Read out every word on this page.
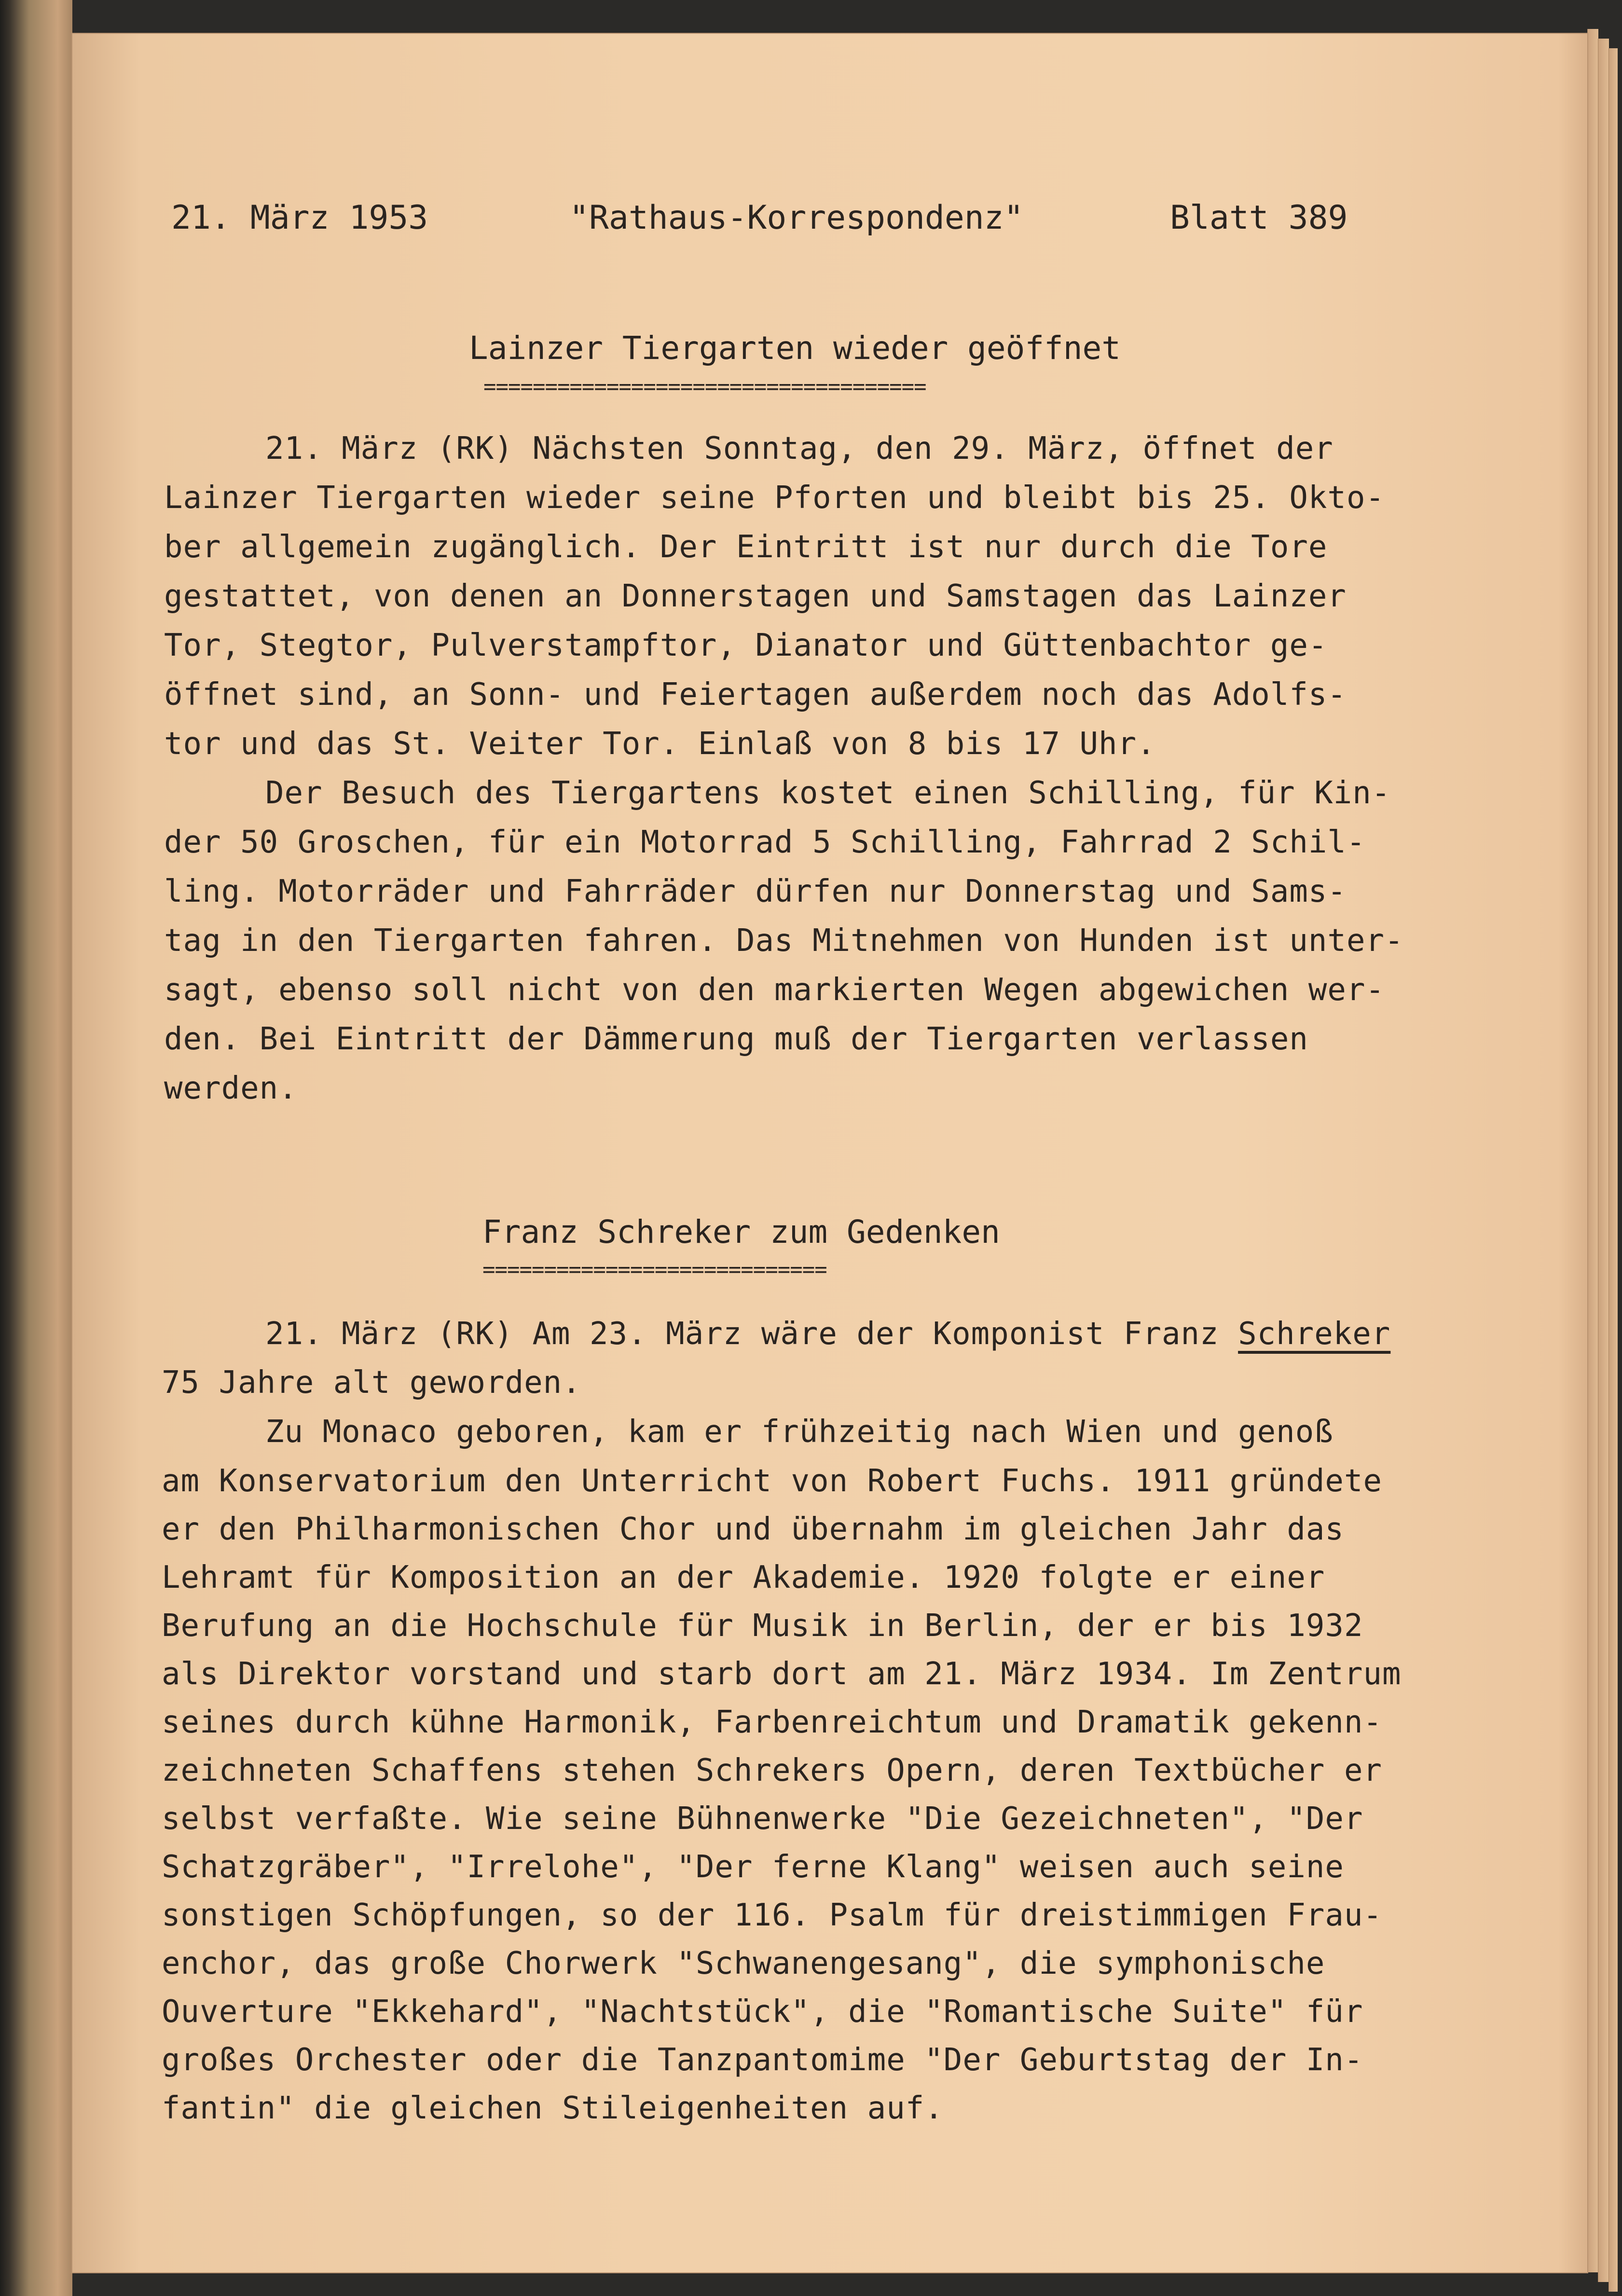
21. März 1953	"Rathaus-Korrespondenz"	Blatt 389
Lainzer Tiergarten wieder geöffnet
====================================
21. März (RK) Nächsten Sonntag, den 29. März, öffnet der
Lainzer Tiergarten wieder seine Pforten und bleibt bis 25. Okto-
ber allgemein zugänglich. Der Eintritt ist nur durch die Tore
gestattet, von denen an Donnerstagen und Samstagen das Lainzer
Tor, Stegtor, Pulverstampftor, Dianator und Güttenbachtor ge-
öffnet sind, an Sonn- und Feiertagen außerdem noch das Adolfs-
tor und das St. Veiter Tor. Einlaß von 8 bis 17 Uhr.
Der Besuch des Tiergartens kostet einen Schilling, für Kin-
der 50 Groschen, für ein Motorrad 5 Schilling, Fahrrad 2 Schil-
ling. Motorräder und Fahrräder dürfen nur Donnerstag und Sams-
tag in den Tiergarten fahren. Das Mitnehmen von Hunden ist unter-
sagt, ebenso soll nicht von den markierten Wegen abgewichen wer-
den. Bei Eintritt der Dämmerung muß der Tiergarten verlassen
werden.
Franz Schreker zum Gedenken
============================
21. März (RK) Am 23. März wäre der Komponist Franz Schreker
75 Jahre alt geworden.
Zu Monaco geboren, kam er frühzeitig nach Wien und genoß
am Konservatorium den Unterricht von Robert Fuchs. 1911 gründete
er den Philharmonischen Chor und übernahm im gleichen Jahr das
Lehramt für Komposition an der Akademie. 1920 folgte er einer
Berufung an die Hochschule für Musik in Berlin, der er bis 1932
als Direktor vorstand und starb dort am 21. März 1934. Im Zentrum
seines durch kühne Harmonik, Farbenreichtum und Dramatik gekenn-
zeichneten Schaffens stehen Schrekers Opern, deren Textbücher er
selbst verfaßte. Wie seine Bühnenwerke "Die Gezeichneten", "Der
Schatzgräber", "Irrelohe", "Der ferne Klang" weisen auch seine
sonstigen Schöpfungen, so der 116. Psalm für dreistimmigen Frau-
enchor, das große Chorwerk "Schwanengesang", die symphonische
Ouverture "Ekkehard", "Nachtstück", die "Romantische Suite" für
großes Orchester oder die Tanzpantomime "Der Geburtstag der In-
fantin" die gleichen Stileigenheiten auf.
